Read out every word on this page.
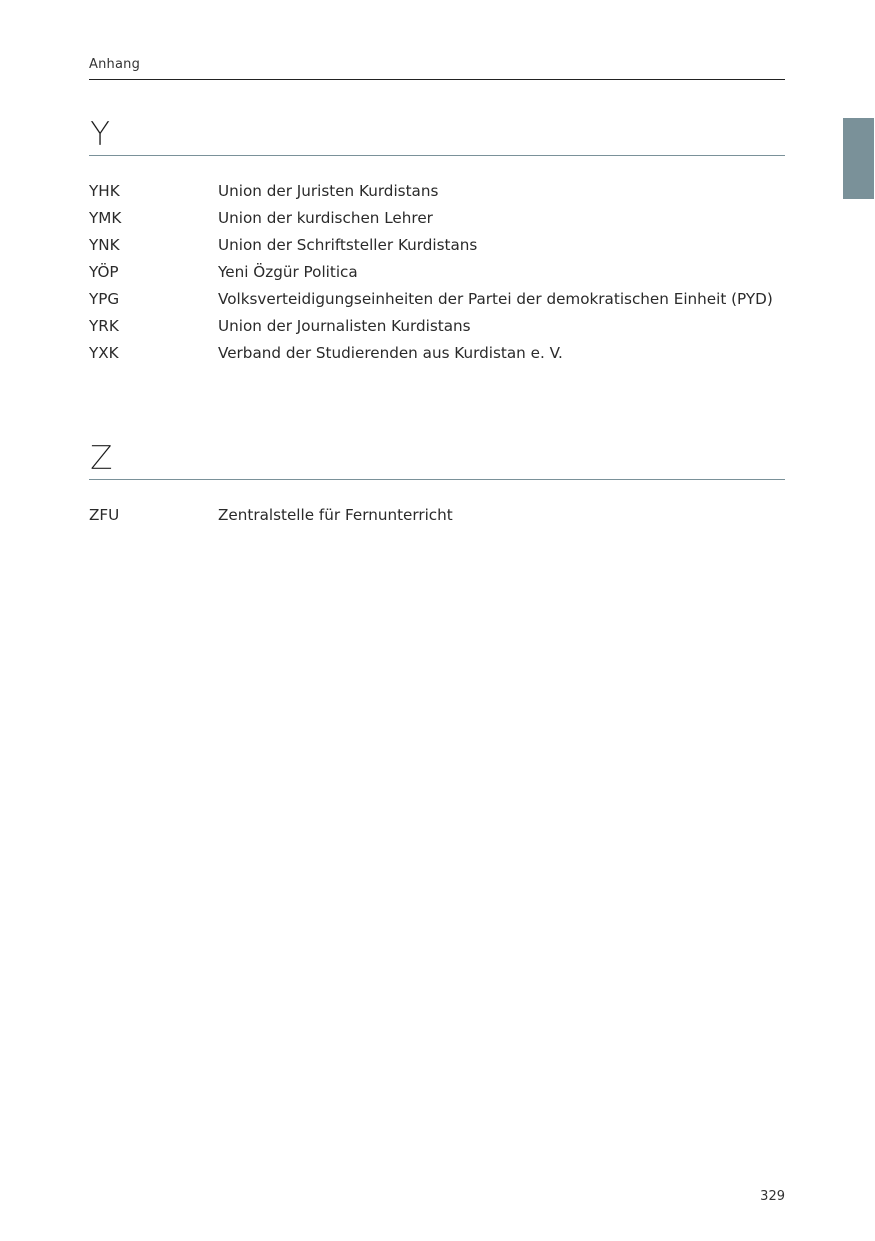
Anhang
Y
YHK	Union der Juristen Kurdistans
YMK	Union der kurdischen Lehrer
YNK	Union der Schriftsteller Kurdistans
YÖP	Yeni Özgür Politica
YPG	Volksverteidigungseinheiten der Partei der demokratischen Einheit (PYD)
YRK	Union der Journalisten Kurdistans
YXK	Verband der Studierenden aus Kurdistan e. V.
Z
ZFU	Zentralstelle für Fernunterricht
329
